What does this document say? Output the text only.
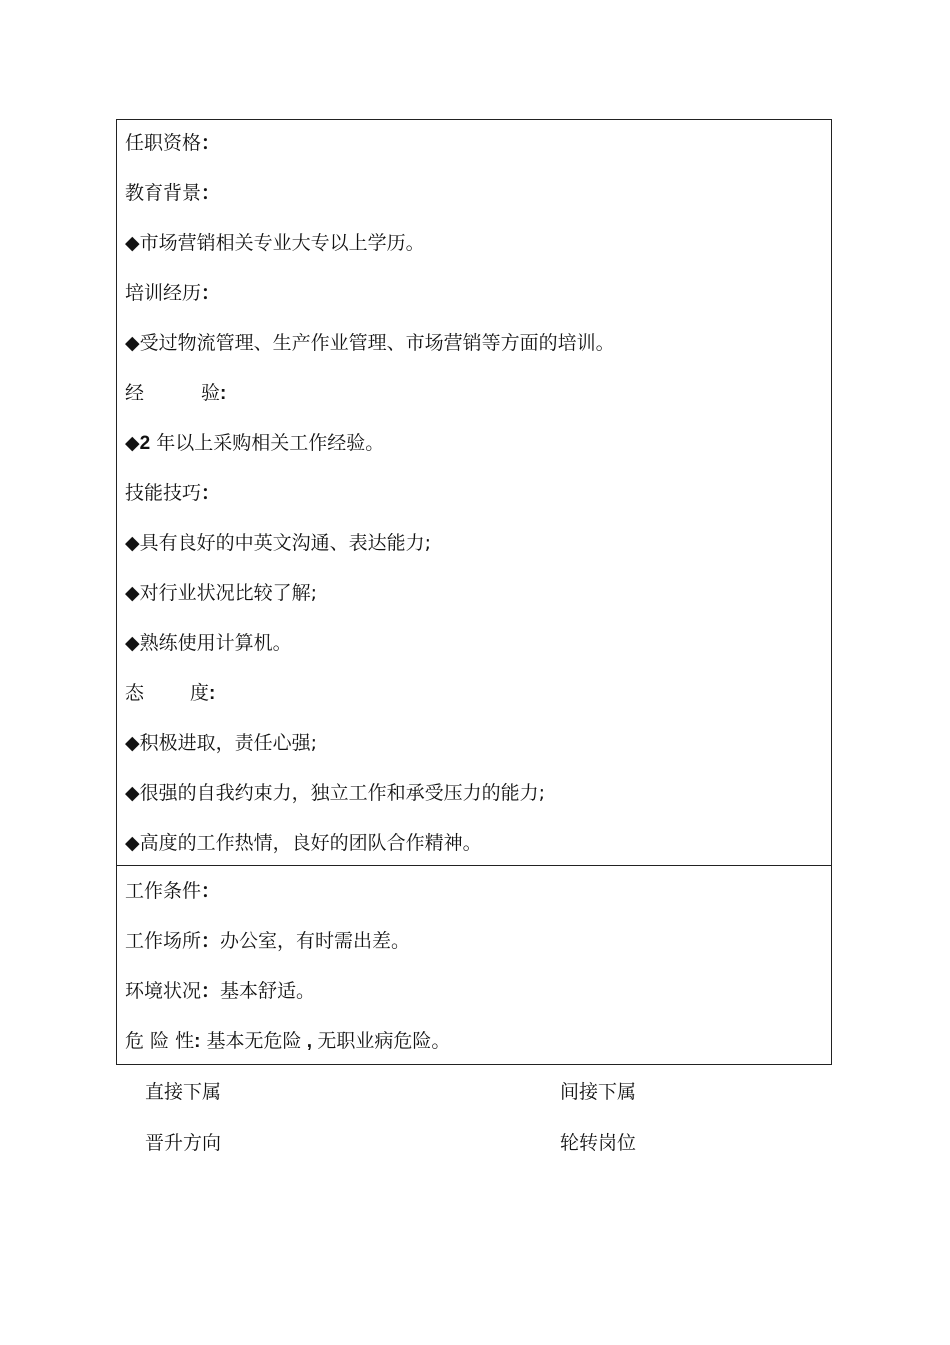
任职资格：
教育背景：
◆市场营销相关专业大专以上学历。
培训经历：
◆受过物流管理、生产作业管理、市场营销等方面的培训。
经	验:
◆2 年以上采购相关工作经验。
技能技巧：
◆具有良好的中英文沟通、表达能力;
◆对行业状况比较了解;
◆熟练使用计算机。
态 度:
◆积极进取，责任心强;
◆很强的自我约束力，独立工作和承受压力的能力;
◆高度的工作热情，良好的团队合作精神。
工作条件：
工作场所：办公室，有时需出差。
环境状况：基本舒适。
危 险 性: 基本无危险 , 无职业病危险。
直接下属	间接下属
晋升方向	轮转岗位
